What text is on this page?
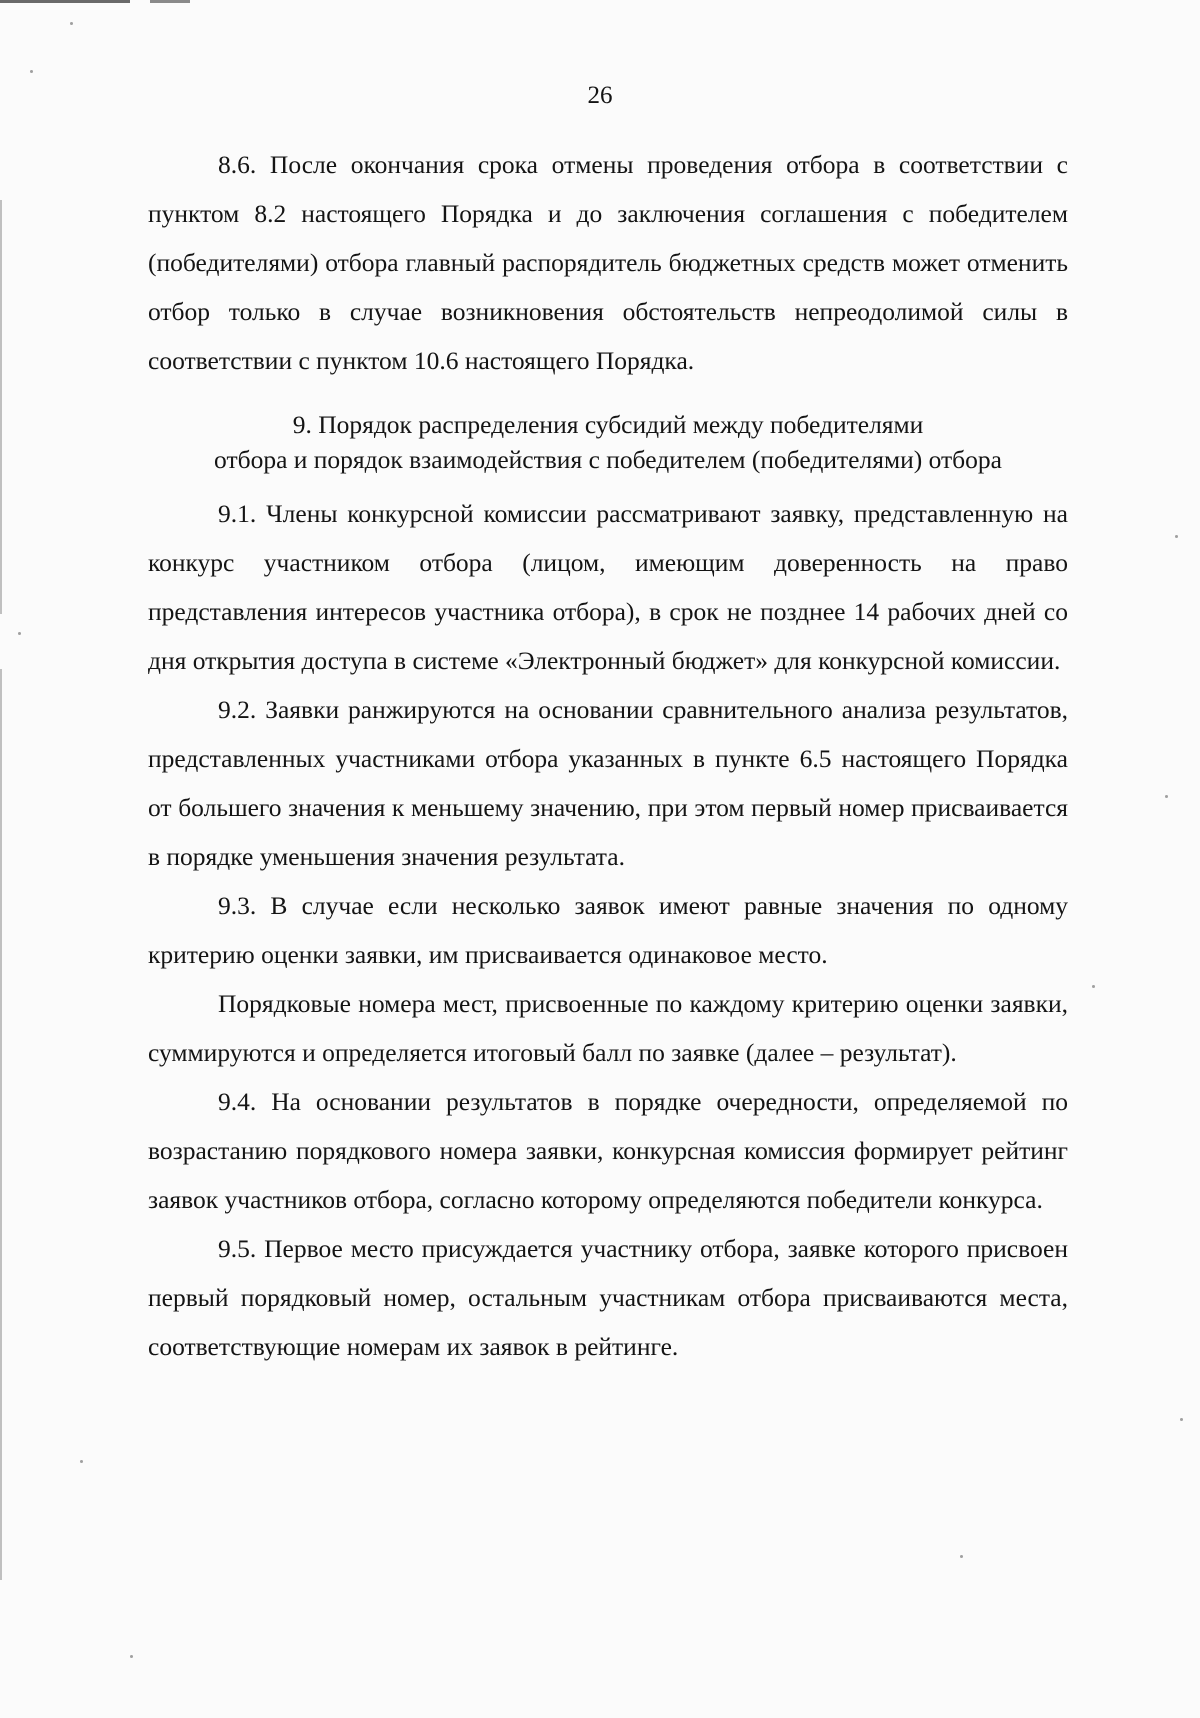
26

8.6. После окончания срока отмены проведения отбора в соответствии с пунктом 8.2 настоящего Порядка и до заключения соглашения с победителем (победителями) отбора главный распорядитель бюджетных средств может отменить отбор только в случае возникновения обстоятельств непреодолимой силы в соответствии с пунктом 10.6 настоящего Порядка.

9. Порядок распределения субсидий между победителями
отбора и порядок взаимодействия с победителем (победителями) отбора

9.1. Члены конкурсной комиссии рассматривают заявку, представленную на конкурс участником отбора (лицом, имеющим доверенность на право представления интересов участника отбора), в срок не позднее 14 рабочих дней со дня открытия доступа в системе «Электронный бюджет» для конкурсной комиссии.

9.2. Заявки ранжируются на основании сравнительного анализа результатов, представленных участниками отбора указанных в пункте 6.5 настоящего Порядка от большего значения к меньшему значению, при этом первый номер присваивается в порядке уменьшения значения результата.

9.3. В случае если несколько заявок имеют равные значения по одному критерию оценки заявки, им присваивается одинаковое место.

Порядковые номера мест, присвоенные по каждому критерию оценки заявки, суммируются и определяется итоговый балл по заявке (далее – результат).

9.4. На основании результатов в порядке очередности, определяемой по возрастанию порядкового номера заявки, конкурсная комиссия формирует рейтинг заявок участников отбора, согласно которому определяются победители конкурса.

9.5. Первое место присуждается участнику отбора, заявке которого присвоен первый порядковый номер, остальным участникам отбора присваиваются места, соответствующие номерам их заявок в рейтинге.
